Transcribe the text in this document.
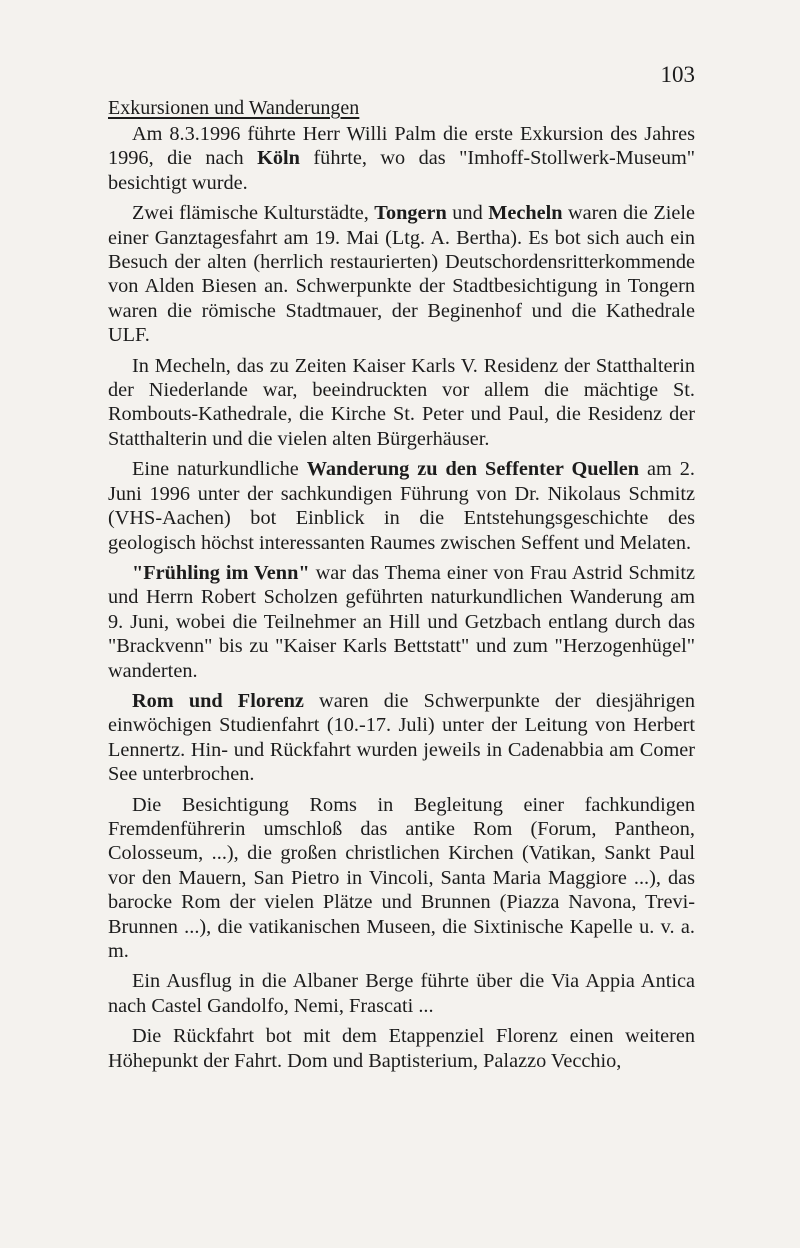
103
Exkursionen und Wanderungen

Am 8.3.1996 führte Herr Willi Palm die erste Exkursion des Jahres 1996, die nach Köln führte, wo das "Imhoff-Stollwerk-Museum" besichtigt wurde.

Zwei flämische Kulturstädte, Tongern und Mecheln waren die Ziele einer Ganztagesfahrt am 19. Mai (Ltg. A. Bertha). Es bot sich auch ein Besuch der alten (herrlich restaurierten) Deutschordensritterkommende von Alden Biesen an. Schwerpunkte der Stadtbesichtigung in Tongern waren die römische Stadtmauer, der Beginenhof und die Kathedrale ULF.

In Mecheln, das zu Zeiten Kaiser Karls V. Residenz der Statthalterin der Niederlande war, beeindruckten vor allem die mächtige St. Rombouts-Kathedrale, die Kirche St. Peter und Paul, die Residenz der Statthalterin und die vielen alten Bürgerhäuser.

Eine naturkundliche Wanderung zu den Seffenter Quellen am 2. Juni 1996 unter der sachkundigen Führung von Dr. Nikolaus Schmitz (VHS-Aachen) bot Einblick in die Entstehungsgeschichte des geologisch höchst interessanten Raumes zwischen Seffent und Melaten.

"Frühling im Venn" war das Thema einer von Frau Astrid Schmitz und Herrn Robert Scholzen geführten naturkundlichen Wanderung am 9. Juni, wobei die Teilnehmer an Hill und Getzbach entlang durch das "Brackvenn" bis zu "Kaiser Karls Bettstatt" und zum "Herzogenhügel" wanderten.

Rom und Florenz waren die Schwerpunkte der diesjährigen einwöchigen Studienfahrt (10.-17. Juli) unter der Leitung von Herbert Lennertz. Hin- und Rückfahrt wurden jeweils in Cadenabbia am Comer See unterbrochen.

Die Besichtigung Roms in Begleitung einer fachkundigen Fremdenführerin umschloß das antike Rom (Forum, Pantheon, Colosseum, ...), die großen christlichen Kirchen (Vatikan, Sankt Paul vor den Mauern, San Pietro in Vincoli, Santa Maria Maggiore ...), das barocke Rom der vielen Plätze und Brunnen (Piazza Navona, Trevi-Brunnen ...), die vatikanischen Museen, die Sixtinische Kapelle u. v. a. m.

Ein Ausflug in die Albaner Berge führte über die Via Appia Antica nach Castel Gandolfo, Nemi, Frascati ...

Die Rückfahrt bot mit dem Etappenziel Florenz einen weiteren Höhepunkt der Fahrt. Dom und Baptisterium, Palazzo Vecchio,
